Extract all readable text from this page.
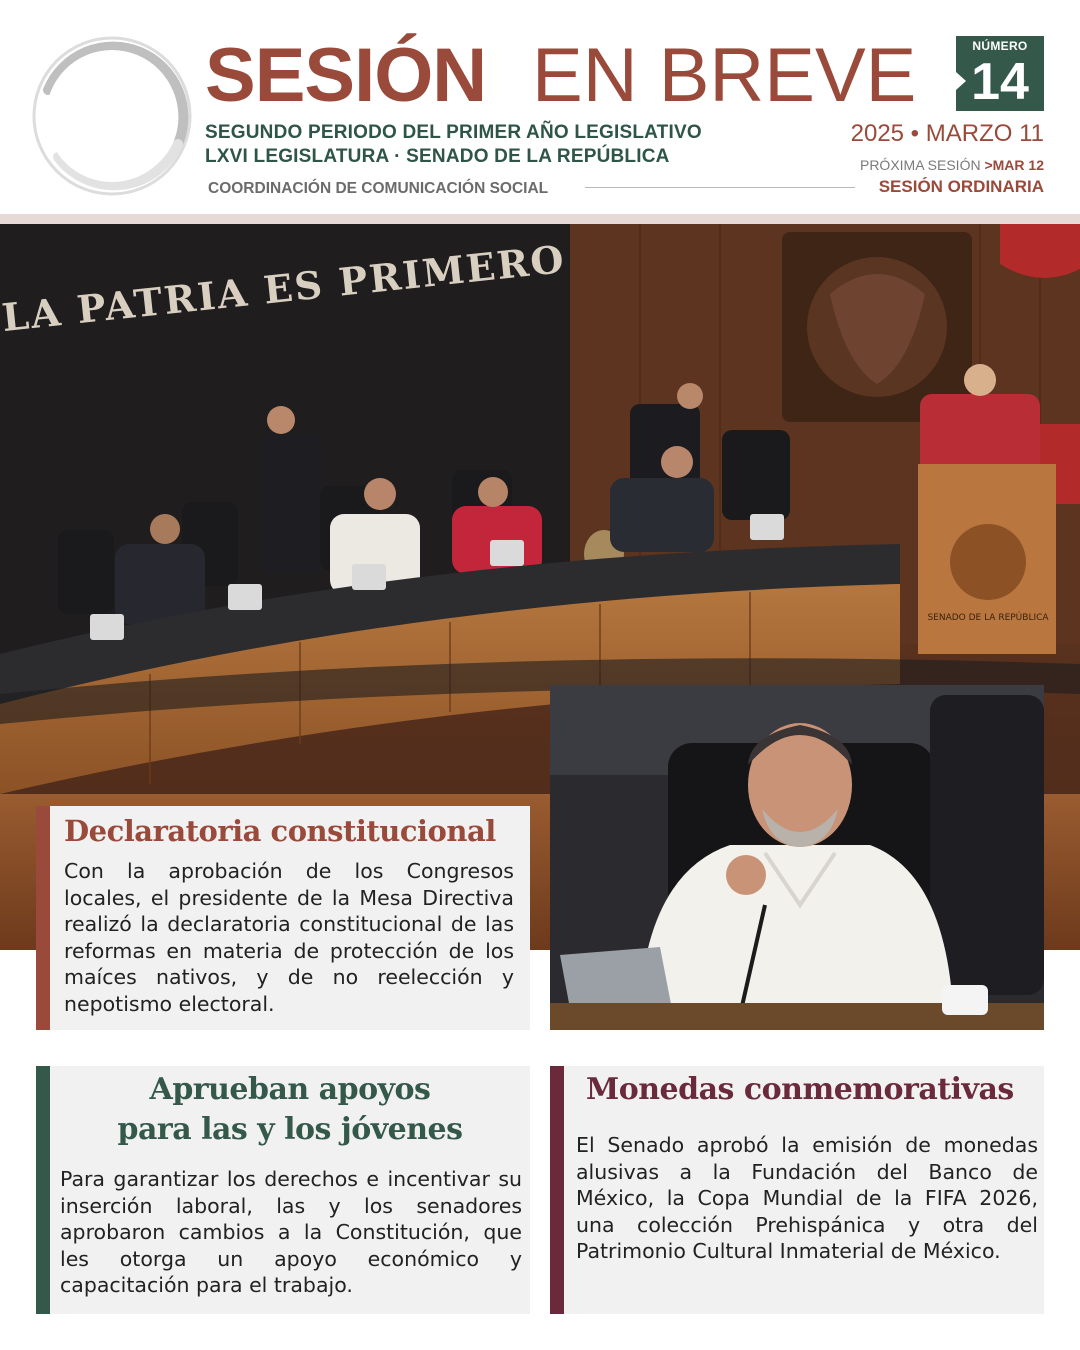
SESIÓN EN BREVE
SEGUNDO PERIODO DEL PRIMER AÑO LEGISLATIVO
LXVI LEGISLATURA · SENADO DE LA REPÚBLICA
COORDINACIÓN DE COMUNICACIÓN SOCIAL
NÚMERO
14
2025 • MARZO 11
PRÓXIMA SESIÓN >MAR 12
SESIÓN ORDINARIA
LA PATRIA ES PRIMERO
SENADO DE LA REPÚBLICA
Declaratoria constitucional

Con la aprobación de los Congresos locales, el presidente de la Mesa Directiva realizó la declaratoria constitucional de las reformas en materia de protección de los maíces nativos, y de no reelección y nepotismo electoral.

Aprueban apoyos
para las y los jóvenes

Para garantizar los derechos e incentivar su inserción laboral, las y los senadores aprobaron cambios a la Constitución, que les otorga un apoyo económico y capacitación para el trabajo.

Monedas conmemorativas

El Senado aprobó la emisión de monedas alusivas a la Fundación del Banco de México, la Copa Mundial de la FIFA 2026, una colección Prehispánica y otra del Patrimonio Cultural Inmaterial de México.
